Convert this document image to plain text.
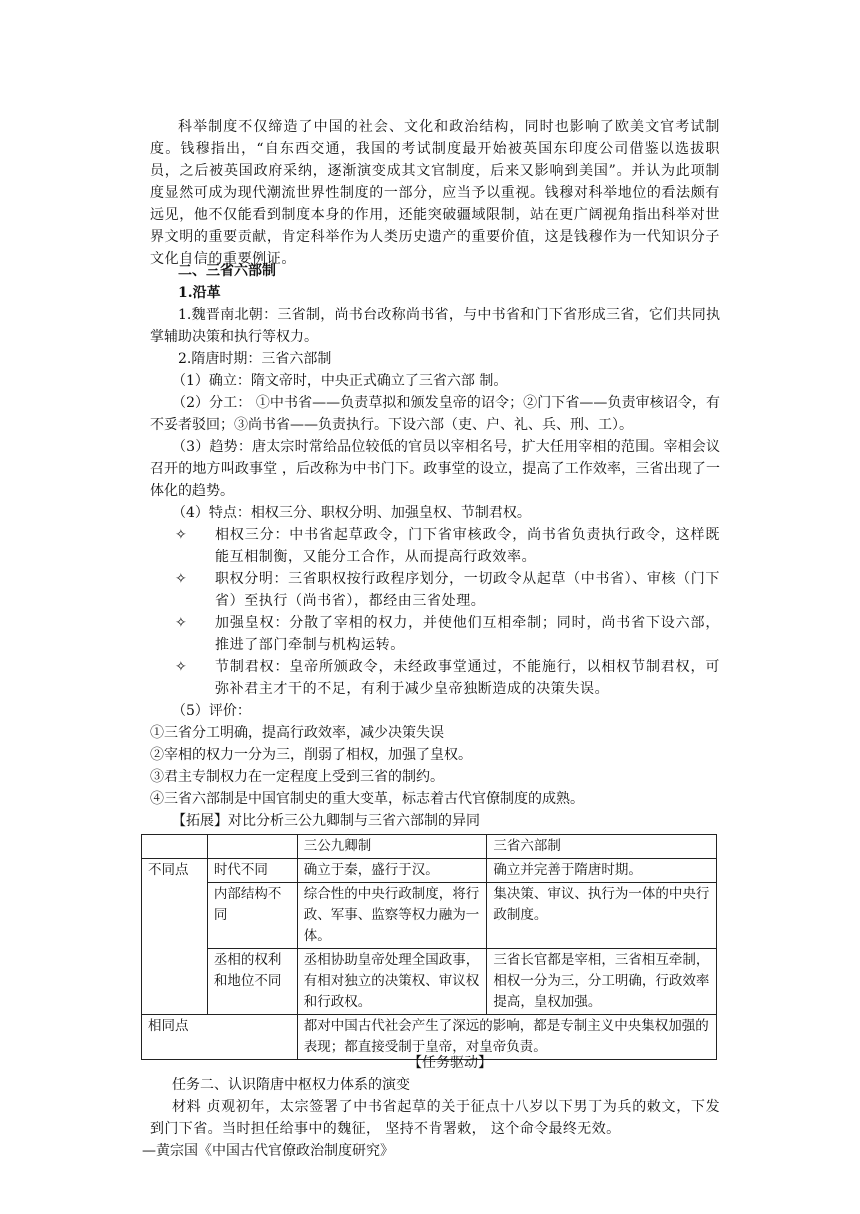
科举制度不仅缔造了中国的社会、文化和政治结构，同时也影响了欧美文官考试制度。钱穆指出，“自东西交通，我国的考试制度最开始被英国东印度公司借鉴以选拔职员，之后被英国政府采纳，逐渐演变成其文官制度，后来又影响到美国”。并认为此项制度显然可成为现代潮流世界性制度的一部分，应当予以重视。钱穆对科举地位的看法颇有远见，他不仅能看到制度本身的作用，还能突破疆域限制，站在更广阔视角指出科举对世界文明的重要贡献，肯定科举作为人类历史遗产的重要价值，这是钱穆作为一代知识分子文化自信的重要例证。
二、三省六部制
1.沿革
1.魏晋南北朝：三省制，尚书台改称尚书省，与中书省和门下省形成三省，它们共同执掌辅助决策和执行等权力。
2.隋唐时期：三省六部制
（1）确立：隋文帝时，中央正式确立了三省六部 制。
（2）分工： ①中书省——负责草拟和颁发皇帝的诏令；②门下省——负责审核诏令，有不妥者驳回；③尚书省——负责执行。下设六部（吏、户、礼、兵、刑、工）。
（3）趋势：唐太宗时常给品位较低的官员以宰相名号，扩大任用宰相的范围。宰相会议召开的地方叫政事堂 ，后改称为中书门下。政事堂的设立，提高了工作效率，三省出现了一体化的趋势。
（4）特点：相权三分、职权分明、加强皇权、节制君权。
✧	相权三分：中书省起草政令，门下省审核政令，尚书省负责执行政令，这样既能互相制衡，又能分工合作，从而提高行政效率。
✧	职权分明：三省职权按行政程序划分，一切政令从起草（中书省）、审核（门下省）至执行（尚书省），都经由三省处理。
✧	加强皇权：分散了宰相的权力，并使他们互相牵制；同时，尚书省下设六部，推进了部门牵制与机构运转。
✧	节制君权：皇帝所颁政令，未经政事堂通过，不能施行，以相权节制君权，可弥补君主才干的不足，有利于减少皇帝独断造成的决策失误。
（5）评价：
①三省分工明确，提高行政效率，减少决策失误
②宰相的权力一分为三，削弱了相权，加强了皇权。
③君主专制权力在一定程度上受到三省的制约。
④三省六部制是中国官制史的重大变革，标志着古代官僚制度的成熟。
【拓展】对比分析三公九卿制与三省六部制的异同
		三公九卿制	三省六部制
不同点	时代不同	确立于秦，盛行于汉。	确立并完善于隋唐时期。
	内部结构不同	综合性的中央行政制度，将行政、军事、监察等权力融为一体。	集决策、审议、执行为一体的中央行政制度。
	丞相的权利和地位不同	丞相协助皇帝处理全国政事，有相对独立的决策权、审议权和行政权。	三省长官都是宰相，三省相互牵制，相权一分为三，分工明确，行政效率提高，皇权加强。
相同点		都对中国古代社会产生了深远的影响，都是专制主义中央集权加强的表现；都直接受制于皇帝，对皇帝负责。	
【任务驱动】
任务二、认识隋唐中枢权力体系的演变
材料 贞观初年，太宗签署了中书省起草的关于征点十八岁以下男丁为兵的敕文，下发到门下省。当时担任给事中的魏征， 坚持不肯署敕， 这个命令最终无效。
—黄宗国《中国古代官僚政治制度研究》
